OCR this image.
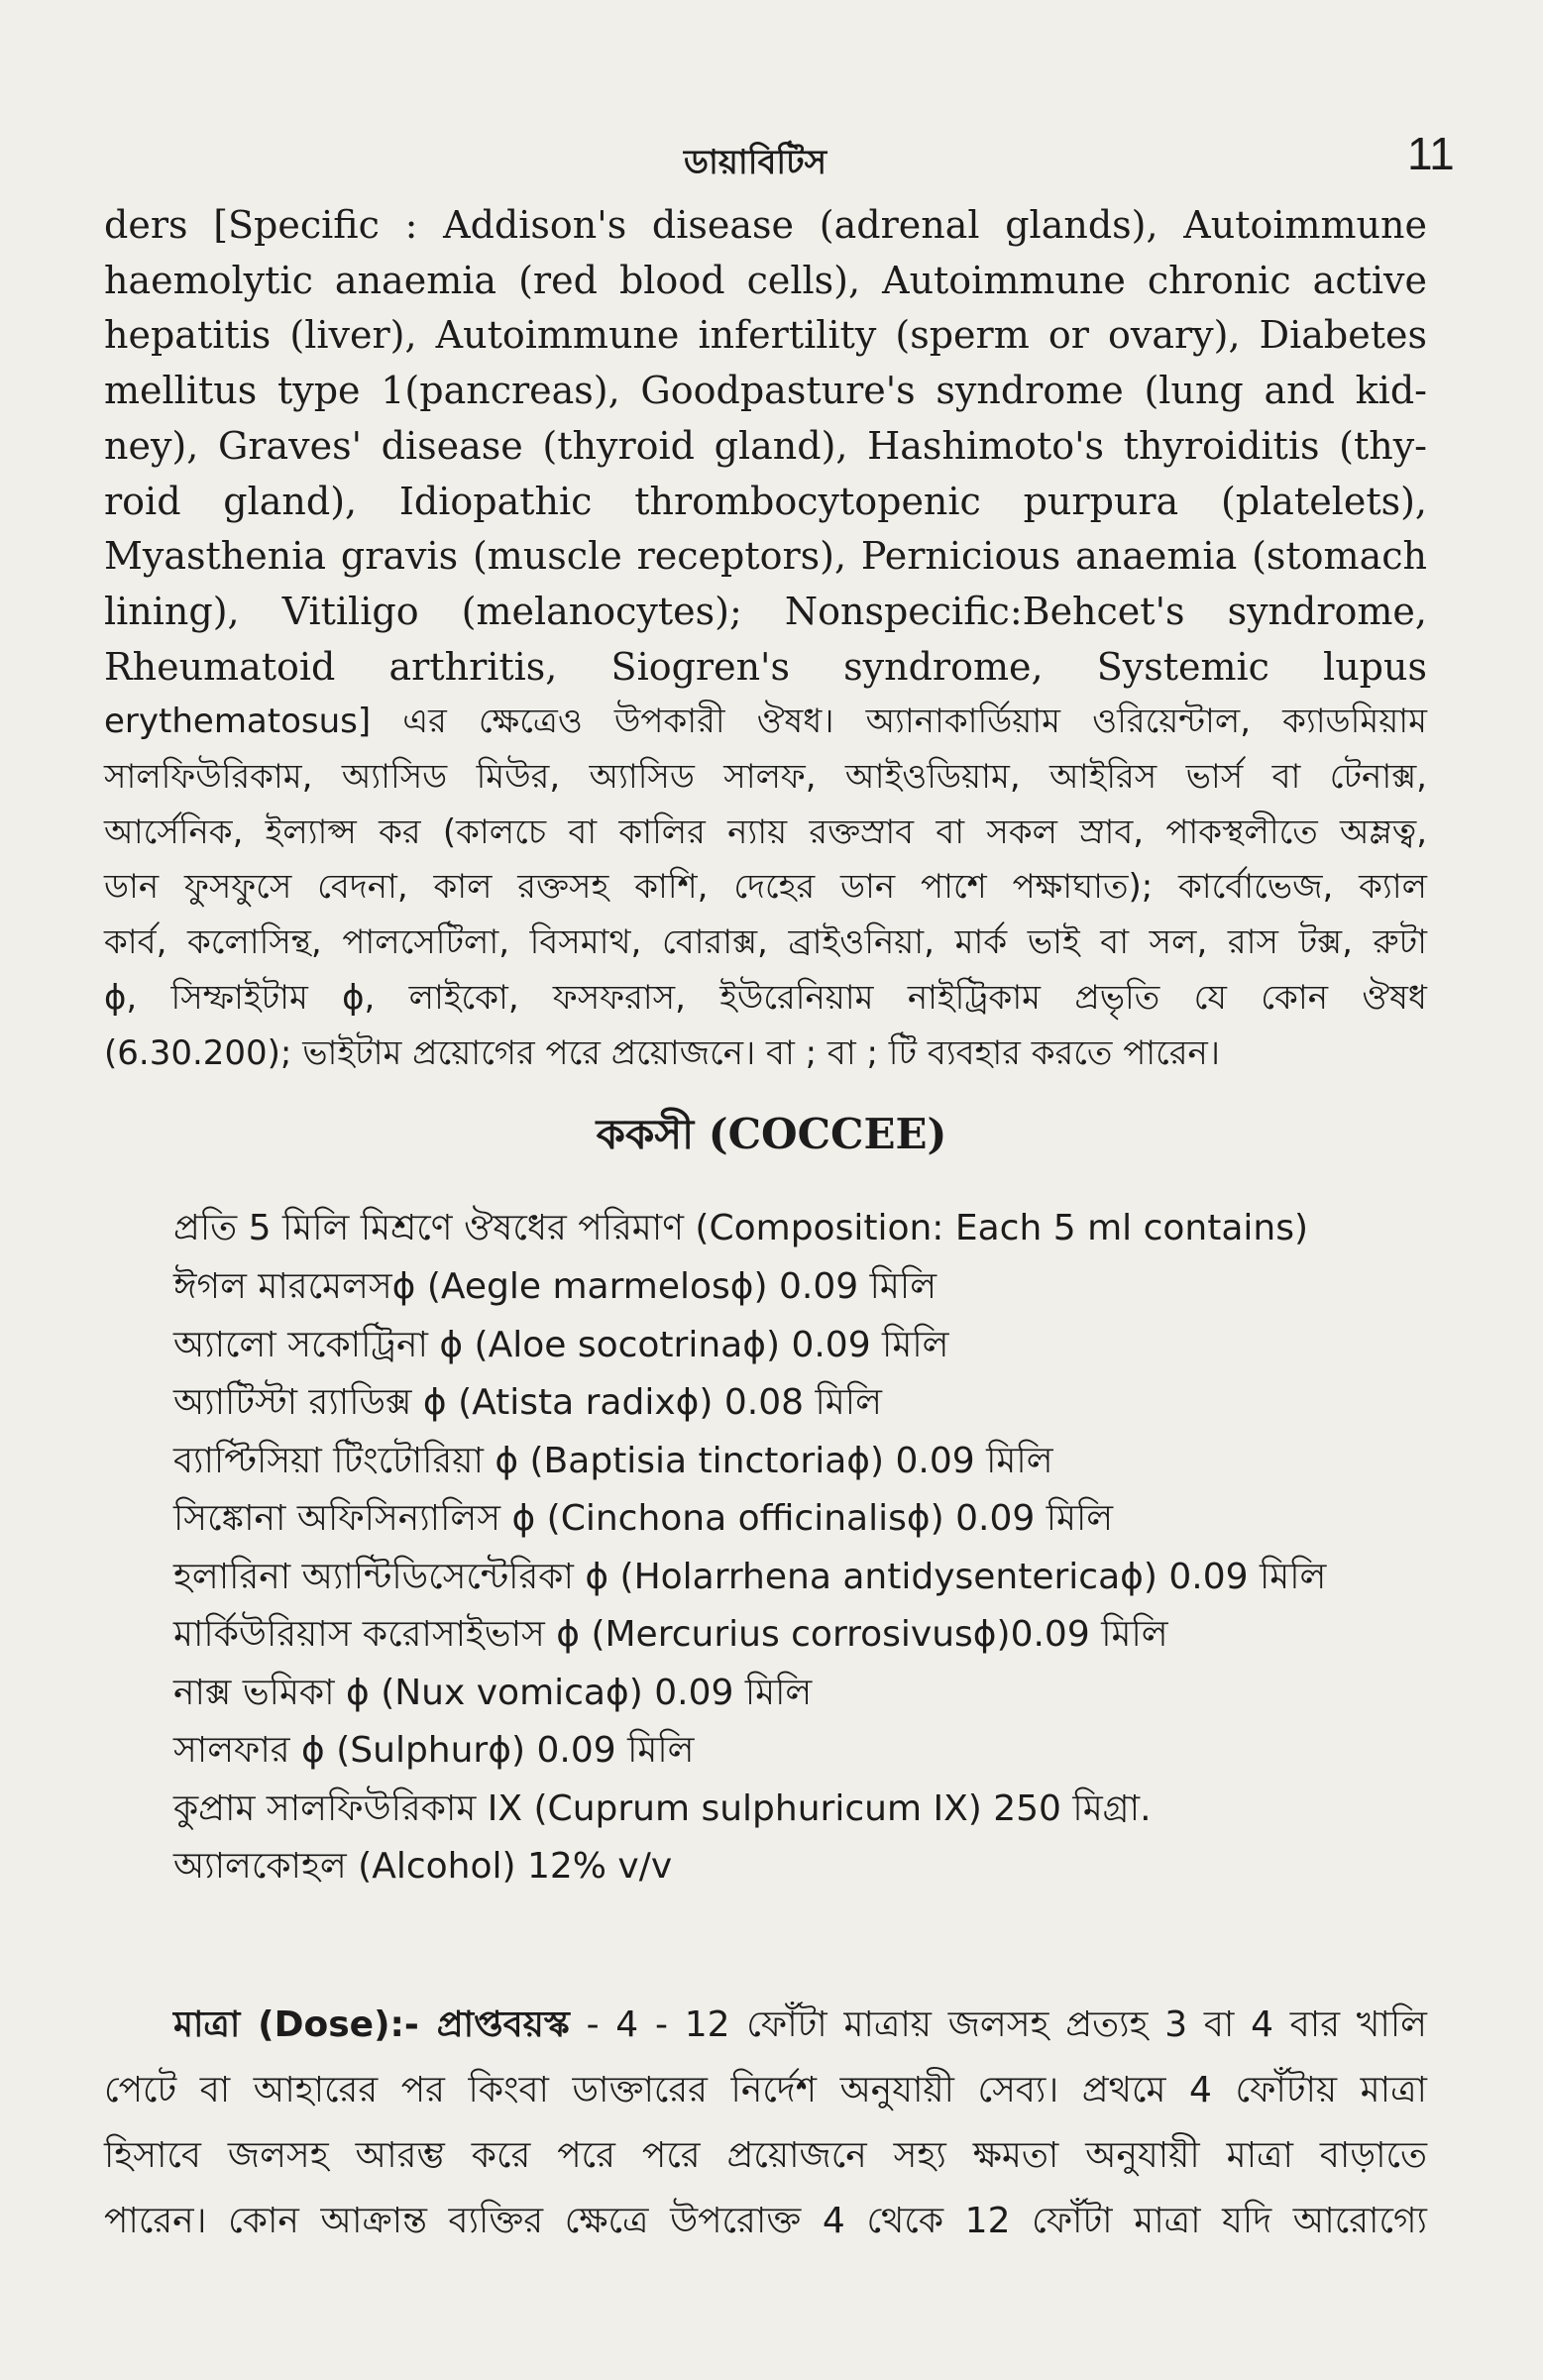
ডায়াবিটিস	11
ders [Specific : Addison's disease (adrenal glands), Autoimmune
haemolytic anaemia (red blood cells), Autoimmune chronic active
hepatitis (liver), Autoimmune infertility (sperm or ovary), Diabetes
mellitus type 1(pancreas), Goodpasture's syndrome (lung and kid-
ney), Graves' disease (thyroid gland), Hashimoto's thyroiditis (thy-
roid gland), Idiopathic thrombocytopenic purpura (platelets),
Myasthenia gravis (muscle receptors), Pernicious anaemia (stomach
lining), Vitiligo (melanocytes); Nonspecific:Behcet's syndrome,
Rheumatoid arthritis, Siogren's syndrome, Systemic lupus
erythematosus] এর ক্ষেত্রেও উপকারী ঔষধ। অ্যানাকার্ডিয়াম ওরিয়েন্টাল, ক্যাডমিয়াম
সালফিউরিকাম, অ্যাসিড মিউর, অ্যাসিড সালফ, আইওডিয়াম, আইরিস ভার্স বা টেনাক্স,
আর্সেনিক, ইল্যাপ্স কর (কালচে বা কালির ন্যায় রক্তস্রাব বা সকল স্রাব, পাকস্থলীতে অম্লত্ব,
ডান ফুসফুসে বেদনা, কাল রক্তসহ কাশি, দেহের ডান পাশে পক্ষাঘাত); কার্বোভেজ, ক্যাল
কার্ব, কলোসিন্থ, পালসেটিলা, বিসমাথ, বোরাক্স, ব্রাইওনিয়া, মার্ক ভাই বা সল, রাস টক্স, রুটা
ϕ, সিম্ফাইটাম ϕ, লাইকো, ফসফরাস, ইউরেনিয়াম নাইট্রিকাম প্রভৃতি যে কোন ঔষধ
(6.30.200); ভাইটাম প্রয়োগের পরে প্রয়োজনে। বা ; বা ; টি ব্যবহার করতে পারেন।
ককসী (COCCEE)
প্রতি 5 মিলি মিশ্রণে ঔষধের পরিমাণ (Composition: Each 5 ml contains)
ঈগল মারমেলসϕ (Aegle marmelosϕ) 0.09 মিলি
অ্যালো সকোট্রিনা ϕ (Aloe socotrinaϕ) 0.09 মিলি
অ্যাটিস্টা র‍্যাডিক্স ϕ (Atista radixϕ) 0.08 মিলি
ব্যাপ্টিসিয়া টিংটোরিয়া ϕ (Baptisia tinctoriaϕ) 0.09 মিলি
সিঙ্কোনা অফিসিন্যালিস ϕ (Cinchona officinalisϕ) 0.09 মিলি
হলারিনা অ্যান্টিডিসেন্টেরিকা ϕ (Holarrhena antidysentericaϕ) 0.09 মিলি
মার্কিউরিয়াস করোসাইভাস ϕ (Mercurius corrosivusϕ)0.09 মিলি
নাক্স ভমিকা ϕ (Nux vomicaϕ) 0.09 মিলি
সালফার ϕ (Sulphurϕ) 0.09 মিলি
কুপ্রাম সালফিউরিকাম IX (Cuprum sulphuricum IX) 250 মিগ্রা.
অ্যালকোহল (Alcohol) 12% v/v
মাত্রা (Dose):- প্রাপ্তবয়স্ক - 4 - 12 ফোঁটা মাত্রায় জলসহ প্রত্যহ 3 বা 4 বার খালি
পেটে বা আহারের পর কিংবা ডাক্তারের নির্দেশ অনুযায়ী সেব্য। প্রথমে 4 ফোঁটায় মাত্রা
হিসাবে জলসহ আরম্ভ করে পরে পরে প্রয়োজনে সহ্য ক্ষমতা অনুযায়ী মাত্রা বাড়াতে
পারেন। কোন আক্রান্ত ব্যক্তির ক্ষেত্রে উপরোক্ত 4 থেকে 12 ফোঁটা মাত্রা যদি আরোগ্যে
